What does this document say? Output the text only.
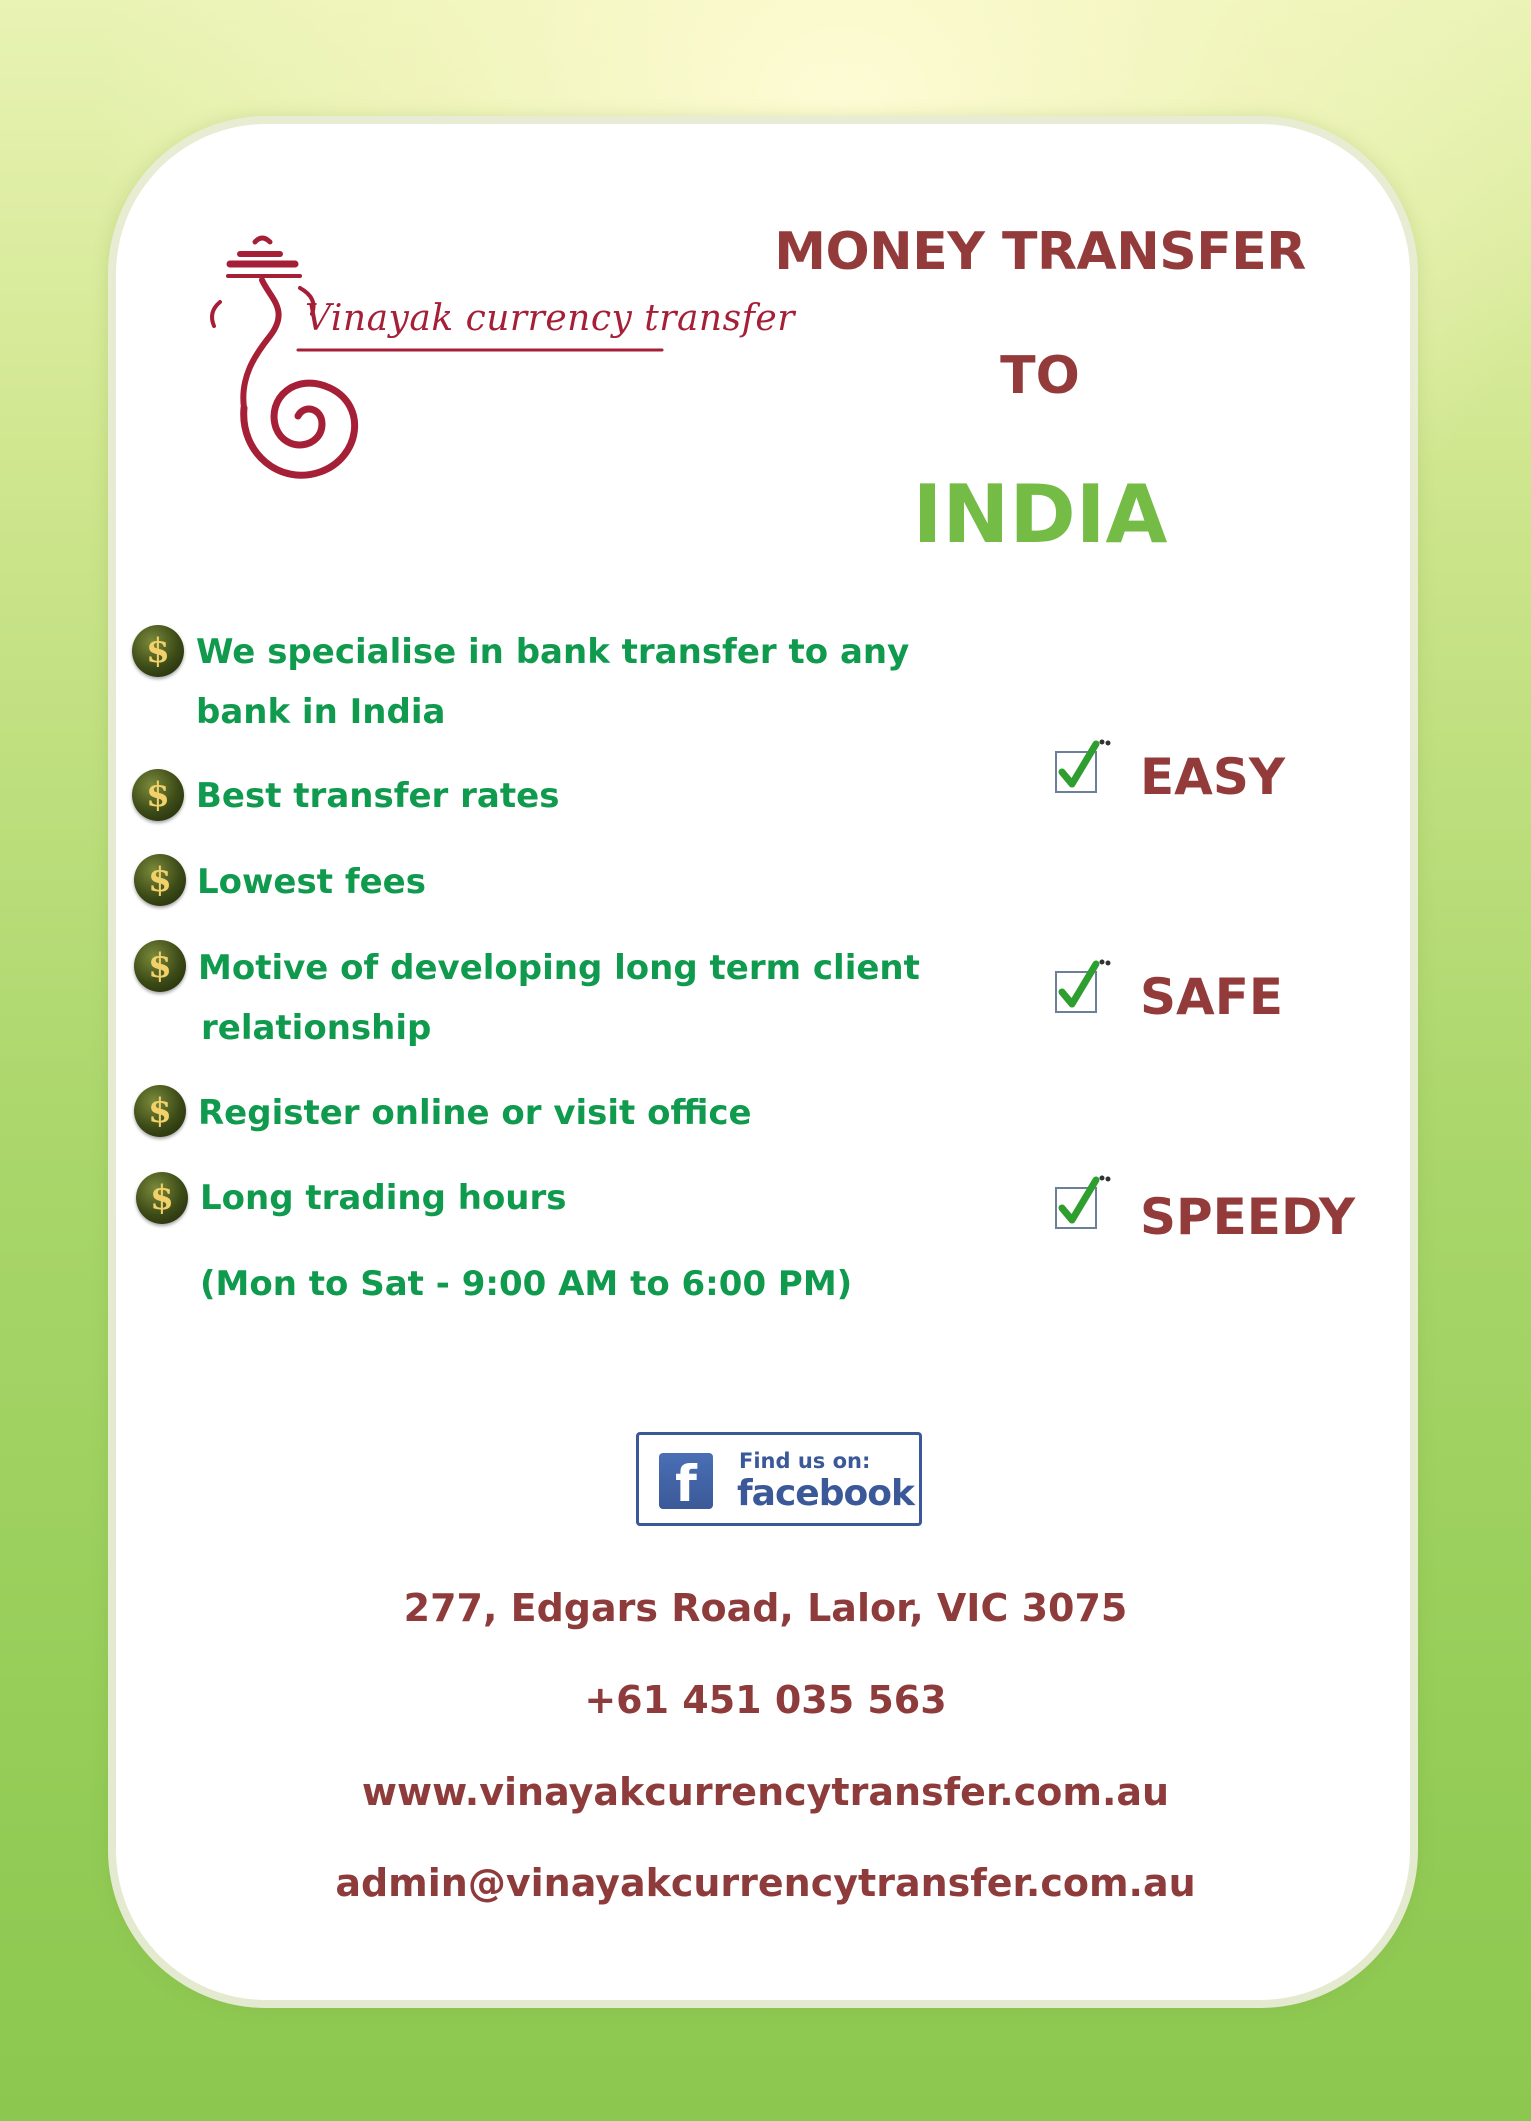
Vinayak currency transfer
MONEY TRANSFER
TO
INDIA
$ We specialise in bank transfer to any
bank in India
$ Best transfer rates
$ Lowest fees
$ Motive of developing long term client
relationship
$ Register online or visit office
$ Long trading hours
(Mon to Sat - 9:00 AM to 6:00 PM)
EASY
SAFE
SPEEDY
f	Find us on:
facebook
277, Edgars Road, Lalor, VIC 3075
+61 451 035 563
www.vinayakcurrencytransfer.com.au
admin@vinayakcurrencytransfer.com.au
